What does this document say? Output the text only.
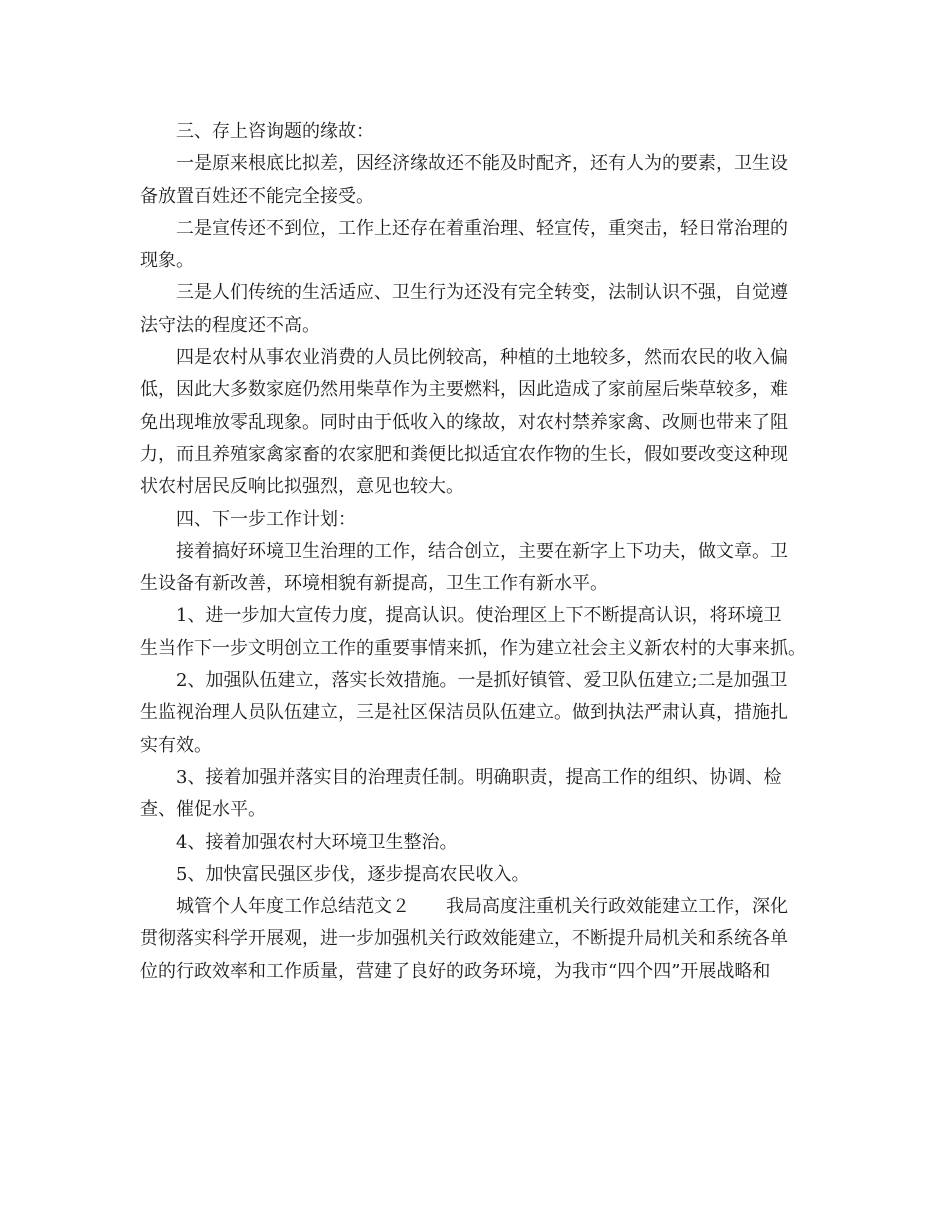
三、存上咨询题的缘故：
一是原来根底比拟差，因经济缘故还不能及时配齐，还有人为的要素，卫生设
备放置百姓还不能完全接受。
二是宣传还不到位，工作上还存在着重治理、轻宣传，重突击，轻日常治理的
现象。
三是人们传统的生活适应、卫生行为还没有完全转变，法制认识不强，自觉遵
法守法的程度还不高。
四是农村从事农业消费的人员比例较高，种植的土地较多，然而农民的收入偏
低，因此大多数家庭仍然用柴草作为主要燃料，因此造成了家前屋后柴草较多，难
免出现堆放零乱现象。同时由于低收入的缘故，对农村禁养家禽、改厕也带来了阻
力，而且养殖家禽家畜的农家肥和粪便比拟适宜农作物的生长，假如要改变这种现
状农村居民反响比拟强烈，意见也较大。
四、下一步工作计划：
接着搞好环境卫生治理的工作，结合创立，主要在新字上下功夫，做文章。卫
生设备有新改善，环境相貌有新提高，卫生工作有新水平。
1、进一步加大宣传力度，提高认识。使治理区上下不断提高认识，将环境卫
生当作下一步文明创立工作的重要事情来抓，作为建立社会主义新农村的大事来抓。
2、加强队伍建立，落实长效措施。一是抓好镇管、爱卫队伍建立;二是加强卫
生监视治理人员队伍建立，三是社区保洁员队伍建立。做到执法严肃认真，措施扎
实有效。
3、接着加强并落实目的治理责任制。明确职责，提高工作的组织、协调、检
查、催促水平。
4、接着加强农村大环境卫生整治。
5、加快富民强区步伐，逐步提高农民收入。
城管个人年度工作总结范文２　　我局高度注重机关行政效能建立工作，深化
贯彻落实科学开展观，进一步加强机关行政效能建立，不断提升局机关和系统各单
位的行政效率和工作质量，营建了良好的政务环境，为我市“四个四”开展战略和
